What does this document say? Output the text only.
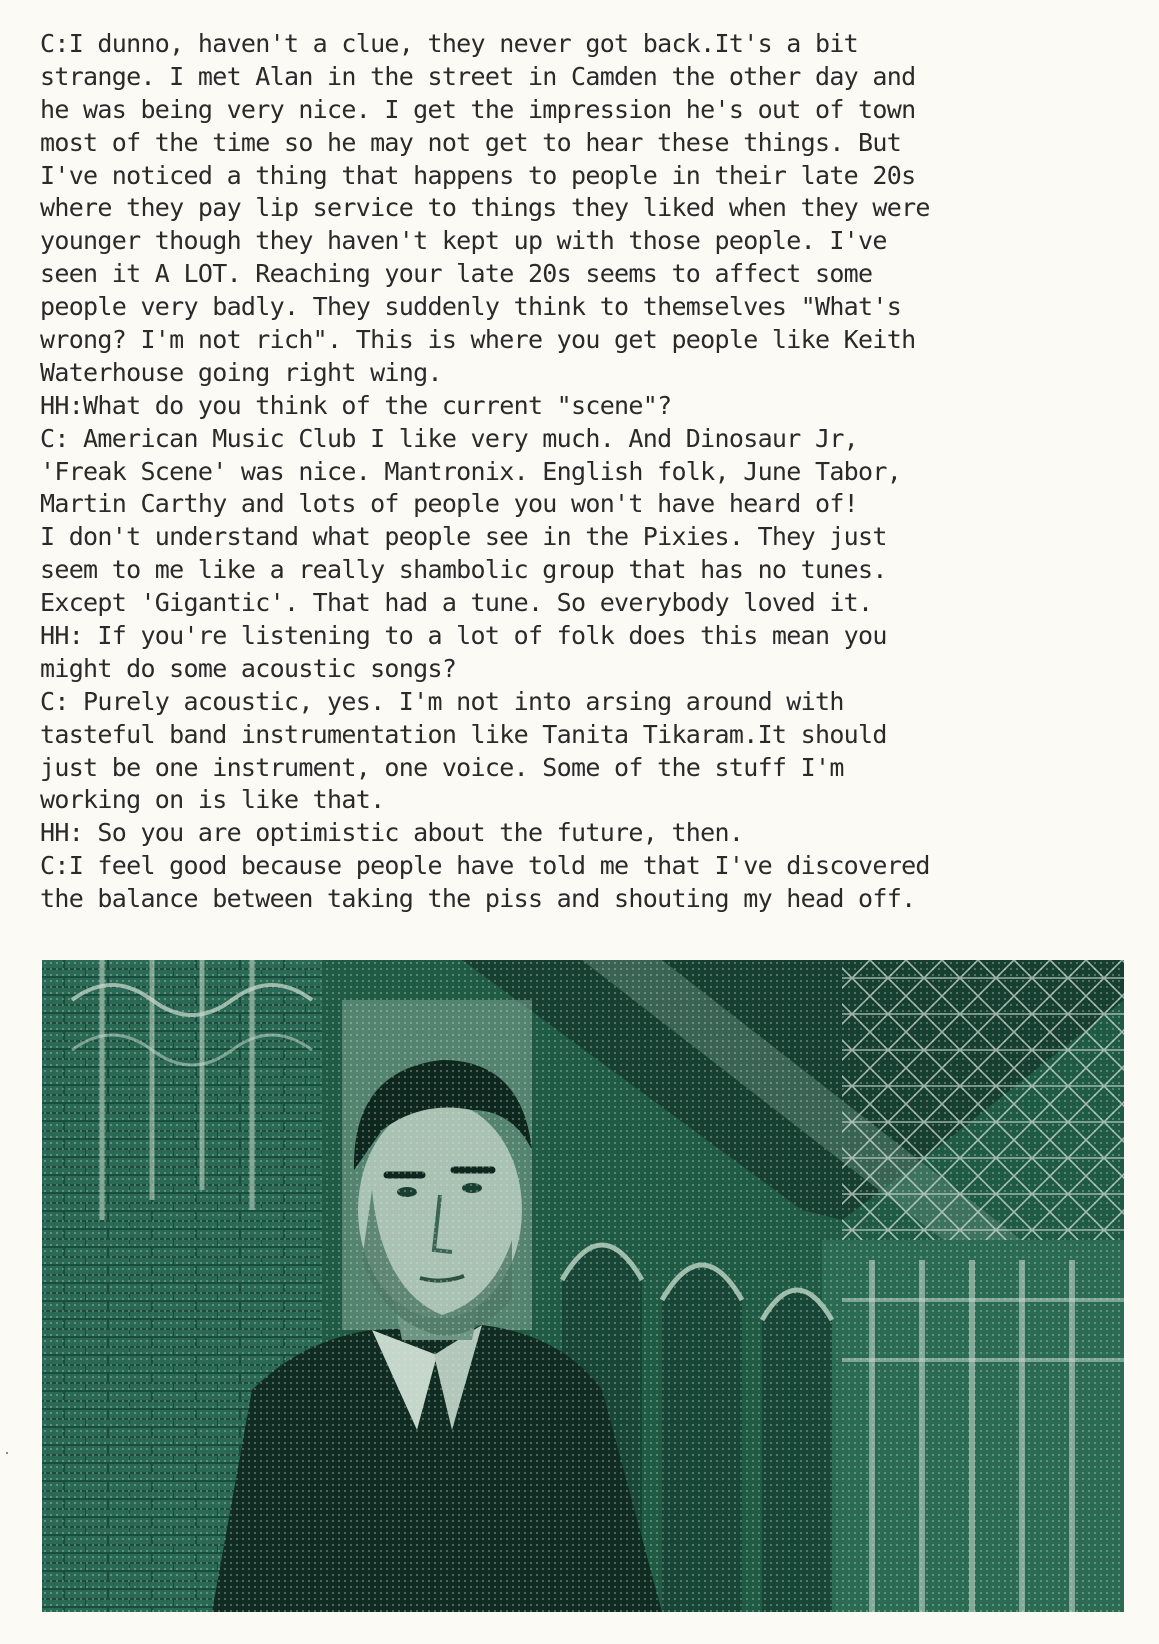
C:I dunno, haven't a clue, they never got back.It's a bit
strange. I met Alan in the street in Camden the other day and
he was being very nice. I get the impression he's out of town
most of the time so he may not get to hear these things. But
I've noticed a thing that happens to people in their late 20s
where they pay lip service to things they liked when they were
younger though they haven't kept up with those people. I've
seen it A LOT. Reaching your late 20s seems to affect some
people very badly. They suddenly think to themselves "What's
wrong? I'm not rich". This is where you get people like Keith
Waterhouse going right wing.
HH:What do you think of the current "scene"?
C: American Music Club I like very much. And Dinosaur Jr,
'Freak Scene' was nice. Mantronix. English folk, June Tabor,
Martin Carthy and lots of people you won't have heard of!
I don't understand what people see in the Pixies. They just
seem to me like a really shambolic group that has no tunes.
Except 'Gigantic'. That had a tune. So everybody loved it.
HH: If you're listening to a lot of folk does this mean you
might do some acoustic songs?
C: Purely acoustic, yes. I'm not into arsing around with
tasteful band instrumentation like Tanita Tikaram.It should
just be one instrument, one voice. Some of the stuff I'm
working on is like that.
HH: So you are optimistic about the future, then.
C:I feel good because people have told me that I've discovered
the balance between taking the piss and shouting my head off.
